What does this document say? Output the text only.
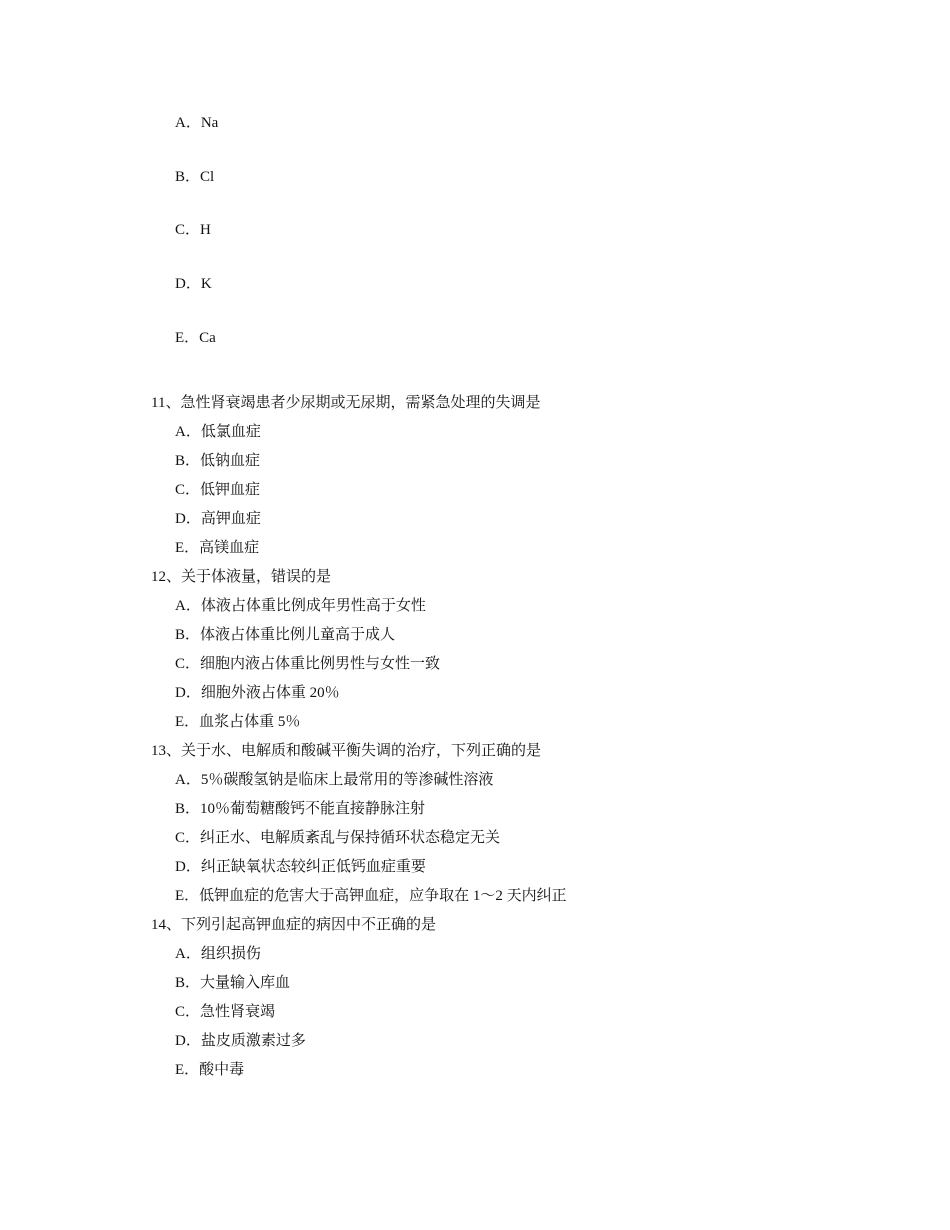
A．Na
B．Cl
C．H
D．K
E．Ca
11、急性肾衰竭患者少尿期或无尿期，需紧急处理的失调是
A．低氯血症
B．低钠血症
C．低钾血症
D．高钾血症
E．高镁血症
12、关于体液量，错误的是
A．体液占体重比例成年男性高于女性
B．体液占体重比例儿童高于成人
C．细胞内液占体重比例男性与女性一致
D．细胞外液占体重 20％
E．血浆占体重 5％
13、关于水、电解质和酸碱平衡失调的治疗，下列正确的是
A．5％碳酸氢钠是临床上最常用的等渗碱性溶液
B．10％葡萄糖酸钙不能直接静脉注射
C．纠正水、电解质紊乱与保持循环状态稳定无关
D．纠正缺氧状态较纠正低钙血症重要
E．低钾血症的危害大于高钾血症，应争取在 1～2 天内纠正
14、下列引起高钾血症的病因中不正确的是
A．组织损伤
B．大量输入库血
C．急性肾衰竭
D．盐皮质激素过多
E．酸中毒
